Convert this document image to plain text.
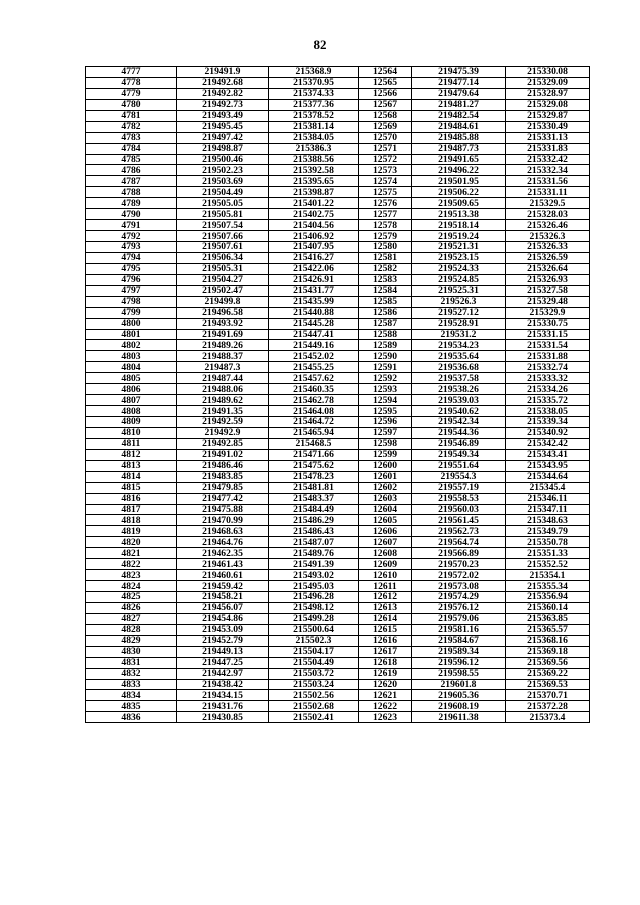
82
4777	219491.9	215368.9	12564	219475.39	215330.08
4778	219492.68	215370.95	12565	219477.14	215329.09
4779	219492.82	215374.33	12566	219479.64	215328.97
4780	219492.73	215377.36	12567	219481.27	215329.08
4781	219493.49	215378.52	12568	219482.54	215329.87
4782	219495.45	215381.14	12569	219484.61	215330.49
4783	219497.42	215384.05	12570	219485.88	215331.13
4784	219498.87	215386.3	12571	219487.73	215331.83
4785	219500.46	215388.56	12572	219491.65	215332.42
4786	219502.23	215392.58	12573	219496.22	215332.34
4787	219503.69	215395.65	12574	219501.95	215331.56
4788	219504.49	215398.87	12575	219506.22	215331.11
4789	219505.05	215401.22	12576	219509.65	215329.5
4790	219505.81	215402.75	12577	219513.38	215328.03
4791	219507.54	215404.56	12578	219518.14	215326.46
4792	219507.66	215406.92	12579	219519.24	215326.3
4793	219507.61	215407.95	12580	219521.31	215326.33
4794	219506.34	215416.27	12581	219523.15	215326.59
4795	219505.31	215422.06	12582	219524.33	215326.64
4796	219504.27	215426.91	12583	219524.85	215326.93
4797	219502.47	215431.77	12584	219525.31	215327.58
4798	219499.8	215435.99	12585	219526.3	215329.48
4799	219496.58	215440.88	12586	219527.12	215329.9
4800	219493.92	215445.28	12587	219528.91	215330.75
4801	219491.69	215447.41	12588	219531.2	215331.15
4802	219489.26	215449.16	12589	219534.23	215331.54
4803	219488.37	215452.02	12590	219535.64	215331.88
4804	219487.3	215455.25	12591	219536.68	215332.74
4805	219487.44	215457.62	12592	219537.58	215333.32
4806	219488.06	215460.35	12593	219538.26	215334.26
4807	219489.62	215462.78	12594	219539.03	215335.72
4808	219491.35	215464.08	12595	219540.62	215338.05
4809	219492.59	215464.72	12596	219542.34	215339.34
4810	219492.9	215465.94	12597	219544.36	215340.92
4811	219492.85	215468.5	12598	219546.89	215342.42
4812	219491.02	215471.66	12599	219549.34	215343.41
4813	219486.46	215475.62	12600	219551.64	215343.95
4814	219483.85	215478.23	12601	219554.3	215344.64
4815	219479.85	215481.81	12602	219557.19	215345.4
4816	219477.42	215483.37	12603	219558.53	215346.11
4817	219475.88	215484.49	12604	219560.03	215347.11
4818	219470.99	215486.29	12605	219561.45	215348.63
4819	219468.63	215486.43	12606	219562.73	215349.79
4820	219464.76	215487.07	12607	219564.74	215350.78
4821	219462.35	215489.76	12608	219566.89	215351.33
4822	219461.43	215491.39	12609	219570.23	215352.52
4823	219460.61	215493.02	12610	219572.02	215354.1
4824	219459.42	215495.03	12611	219573.08	215355.34
4825	219458.21	215496.28	12612	219574.29	215356.94
4826	219456.07	215498.12	12613	219576.12	215360.14
4827	219454.86	215499.28	12614	219579.06	215363.85
4828	219453.09	215500.64	12615	219581.16	215365.57
4829	219452.79	215502.3	12616	219584.67	215368.16
4830	219449.13	215504.17	12617	219589.34	215369.18
4831	219447.25	215504.49	12618	219596.12	215369.56
4832	219442.97	215503.72	12619	219598.55	215369.22
4833	219438.42	215503.24	12620	219601.8	215369.53
4834	219434.15	215502.56	12621	219605.36	215370.71
4835	219431.76	215502.68	12622	219608.19	215372.28
4836	219430.85	215502.41	12623	219611.38	215373.4
